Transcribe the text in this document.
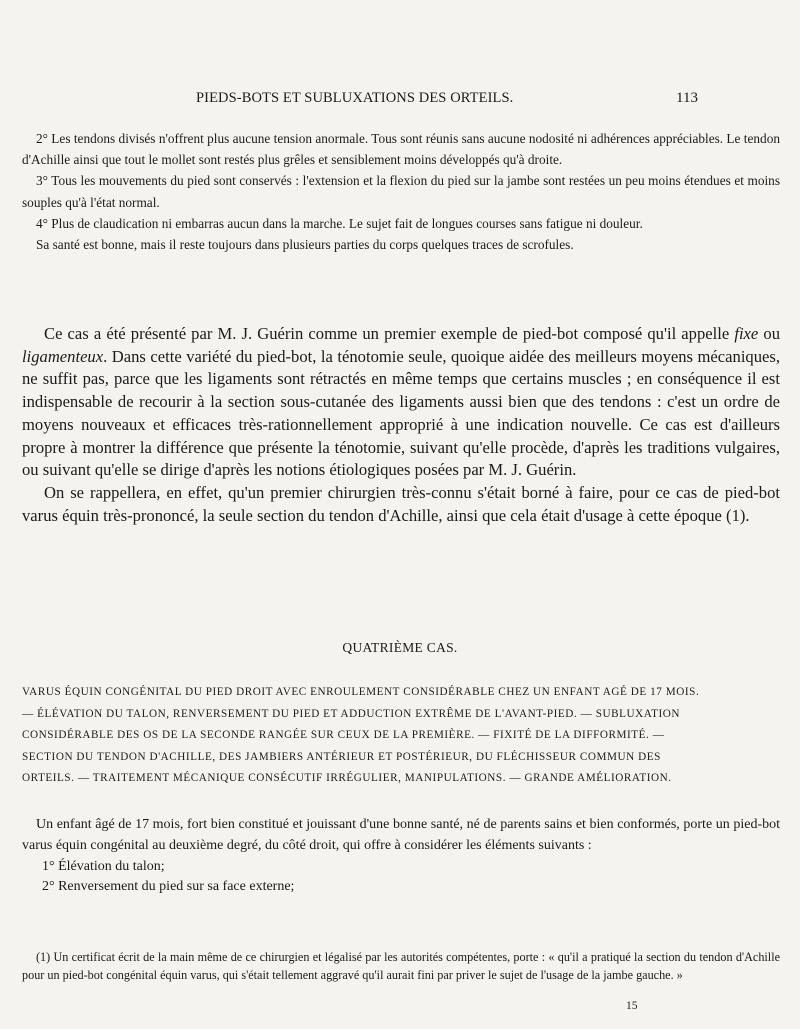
PIEDS-BOTS ET SUBLUXATIONS DES ORTEILS.	113

2° Les tendons divisés n'offrent plus aucune tension anormale. Tous sont réunis sans aucune nodosité ni adhérences appréciables. Le tendon d'Achille ainsi que tout le mollet sont restés plus grêles et sensiblement moins développés qu'à droite.

3° Tous les mouvements du pied sont conservés : l'extension et la flexion du pied sur la jambe sont restées un peu moins étendues et moins souples qu'à l'état normal.

4° Plus de claudication ni embarras aucun dans la marche. Le sujet fait de longues courses sans fatigue ni douleur.

Sa santé est bonne, mais il reste toujours dans plusieurs parties du corps quelques traces de scrofules.

Ce cas a été présenté par M. J. Guérin comme un premier exemple de pied-bot composé qu'il appelle fixe ou ligamenteux. Dans cette variété du pied-bot, la ténotomie seule, quoique aidée des meilleurs moyens mécaniques, ne suffit pas, parce que les ligaments sont rétractés en même temps que certains muscles ; en conséquence il est indispensable de recourir à la section sous-cutanée des ligaments aussi bien que des tendons : c'est un ordre de moyens nouveaux et efficaces très-rationnellement approprié à une indication nouvelle. Ce cas est d'ailleurs propre à montrer la différence que présente la ténotomie, suivant qu'elle procède, d'après les traditions vulgaires, ou suivant qu'elle se dirige d'après les notions étiologiques posées par M. J. Guérin.

On se rappellera, en effet, qu'un premier chirurgien très-connu s'était borné à faire, pour ce cas de pied-bot varus équin très-prononcé, la seule section du tendon d'Achille, ainsi que cela était d'usage à cette époque (1).

QUATRIÈME CAS.

VARUS ÉQUIN CONGÉNITAL DU PIED DROIT AVEC ENROULEMENT CONSIDÉRABLE CHEZ UN ENFANT AGÉ DE 17 MOIS.

— ÉLÉVATION DU TALON, RENVERSEMENT DU PIED ET ADDUCTION EXTRÊME DE L'AVANT-PIED. — SUBLUXATION

CONSIDÉRABLE DES OS DE LA SECONDE RANGÉE SUR CEUX DE LA PREMIÈRE. — FIXITÉ DE LA DIFFORMITÉ. —

SECTION DU TENDON D'ACHILLE, DES JAMBIERS ANTÉRIEUR ET POSTÉRIEUR, DU FLÉCHISSEUR COMMUN DES

ORTEILS. — TRAITEMENT MÉCANIQUE CONSÉCUTIF IRRÉGULIER, MANIPULATIONS. — GRANDE AMÉLIORATION.

Un enfant âgé de 17 mois, fort bien constitué et jouissant d'une bonne santé, né de parents sains et bien conformés, porte un pied-bot varus équin congénital au deuxième degré, du côté droit, qui offre à considérer les éléments suivants :

1° Élévation du talon;
2° Renversement du pied sur sa face externe;

(1) Un certificat écrit de la main même de ce chirurgien et légalisé par les autorités compétentes, porte : « qu'il a pratiqué la section du tendon d'Achille pour un pied-bot congénital équin varus, qui s'était tellement aggravé qu'il aurait fini par priver le sujet de l'usage de la jambe gauche. »

15
